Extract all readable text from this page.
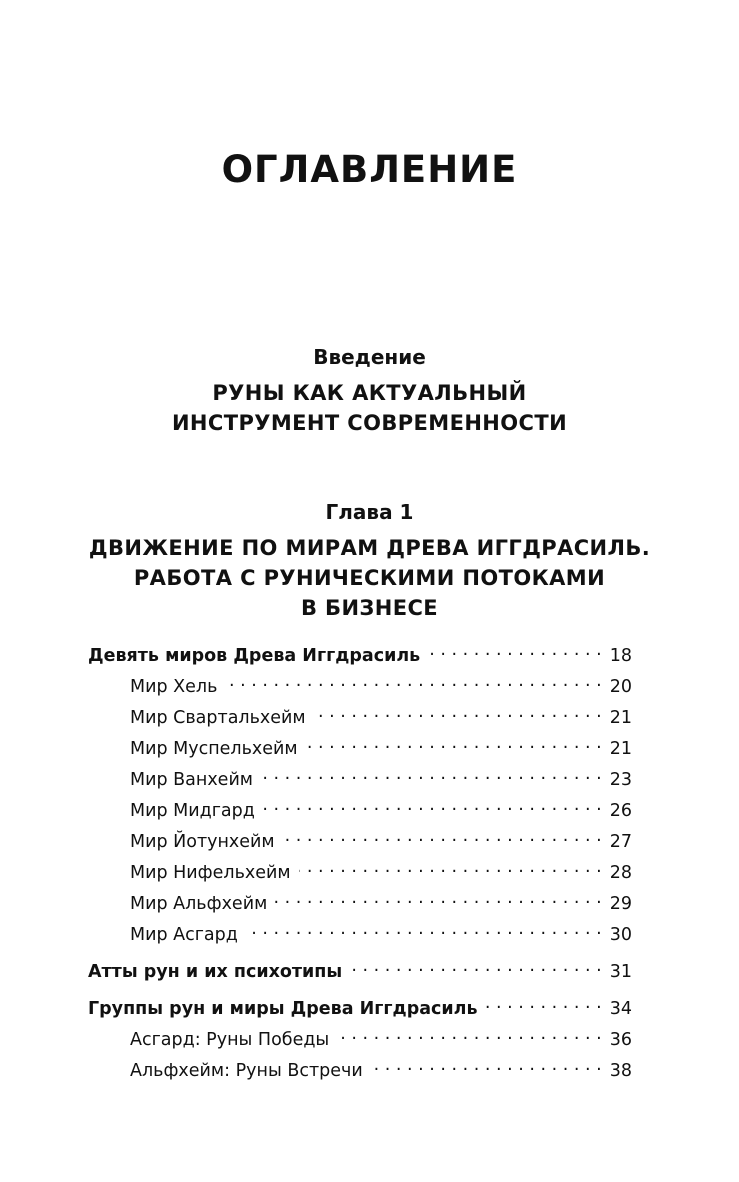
ОГЛАВЛЕНИЕ
Введение
РУНЫ КАК АКТУАЛЬНЫЙ
ИНСТРУМЕНТ СОВРЕМЕННОСТИ
Глава 1
ДВИЖЕНИЕ ПО МИРАМ ДРЕВА ИГГДРАСИЛЬ.
РАБОТА С РУНИЧЕСКИМИ ПОТОКАМИ
В БИЗНЕСЕ
Девять миров Древа Иггдрасиль . . .	18
Мир Хель . . .	20
Мир Свартальхейм . . .	21
Мир Муспельхейм . . .	21
Мир Ванхейм . . .	23
Мир Мидгард . . .	26
Мир Йотунхейм . . .	27
Мир Нифельхейм . . .	28
Мир Альфхейм . . .	29
Мир Асгард . . .	30
Атты рун и их психотипы . . .	31
Группы рун и миры Древа Иггдрасиль . . .	34
Асгард: Руны Победы . . .	36
Альфхейм: Руны Встречи . . .	38
